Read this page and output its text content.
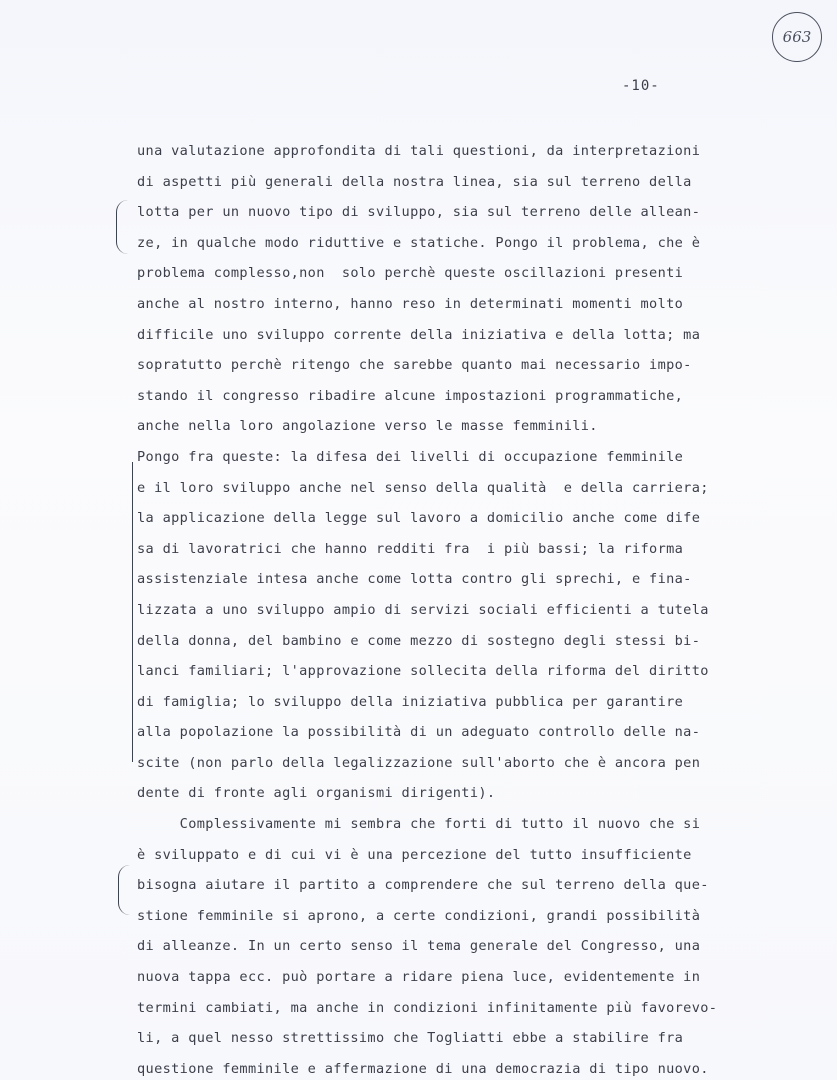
663
-10-
una valutazione approfondita di tali questioni, da interpretazioni
di aspetti più generali della nostra linea, sia sul terreno della
lotta per un nuovo tipo di sviluppo, sia sul terreno delle allean-
ze, in qualche modo riduttive e statiche. Pongo il problema, che è
problema complesso,non  solo perchè queste oscillazioni presenti
anche al nostro interno, hanno reso in determinati momenti molto
difficile uno sviluppo corrente della iniziativa e della lotta; ma
sopratutto perchè ritengo che sarebbe quanto mai necessario impo-
stando il congresso ribadire alcune impostazioni programmatiche,
anche nella loro angolazione verso le masse femminili.
Pongo fra queste: la difesa dei livelli di occupazione femminile
e il loro sviluppo anche nel senso della qualità  e della carriera;
la applicazione della legge sul lavoro a domicilio anche come dife
sa di lavoratrici che hanno redditi fra  i più bassi; la riforma
assistenziale intesa anche come lotta contro gli sprechi, e fina-
lizzata a uno sviluppo ampio di servizi sociali efficienti a tutela
della donna, del bambino e come mezzo di sostegno degli stessi bi-
lanci familiari; l'approvazione sollecita della riforma del diritto
di famiglia; lo sviluppo della iniziativa pubblica per garantire
alla popolazione la possibilità di un adeguato controllo delle na-
scite (non parlo della legalizzazione sull'aborto che è ancora pen
dente di fronte agli organismi dirigenti).
Complessivamente mi sembra che forti di tutto il nuovo che si
è sviluppato e di cui vi è una percezione del tutto insufficiente
bisogna aiutare il partito a comprendere che sul terreno della que-
stione femminile si aprono, a certe condizioni, grandi possibilità
di alleanze. In un certo senso il tema generale del Congresso, una
nuova tappa ecc. può portare a ridare piena luce, evidentemente in
termini cambiati, ma anche in condizioni infinitamente più favorevo-
li, a quel nesso strettissimo che Togliatti ebbe a stabilire fra
questione femminile e affermazione di una democrazia di tipo nuovo.
